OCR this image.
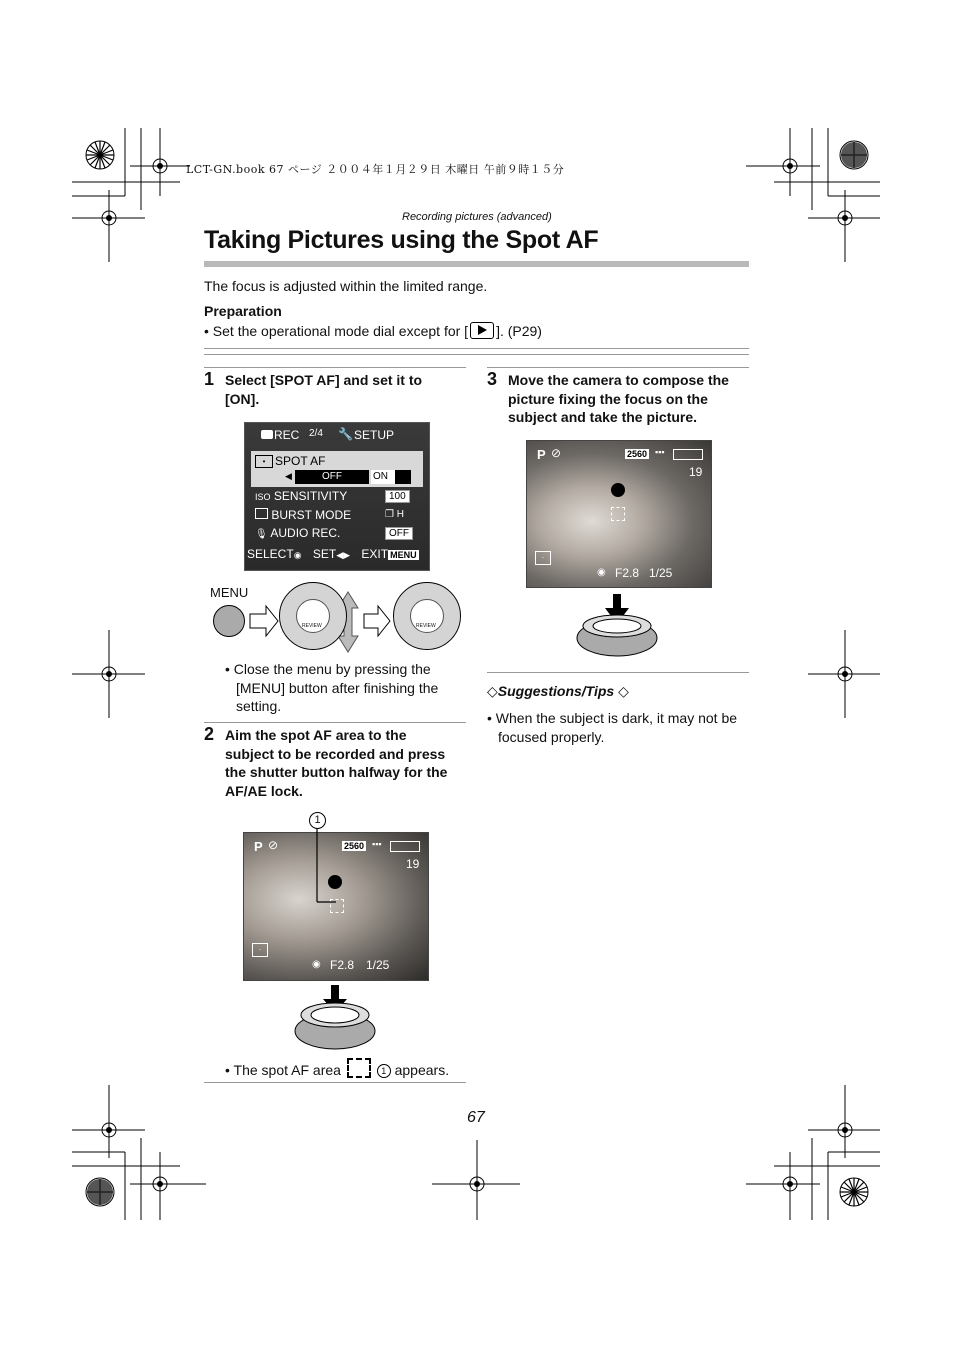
LCT-GN.book 67 ページ ２００４年１月２９日 木曜日 午前９時１５分
Recording pictures (advanced)
Taking Pictures using the Spot AF
The focus is adjusted within the limited range.
Preparation
• Set the operational mode dial except for [ ]. (P29)
1 Select [SPOT AF] and set it to
[ON].
REC 2/4 🔧 SETUP
• SPOT AF
◀	OFF	ON
ISO SENSITIVITY	100
BURST MODE	❐ H
🎙 AUDIO REC.	OFF
SELECT◉ SET◀▶ EXIT MENU
MENU
REVIEW	REVIEW
• Close the menu by pressing the
[MENU] button after finishing the
setting.
2 Aim the spot AF area to the
subject to be recorded and press
the shutter button halfway for the
AF/AE lock.
1
P ⊘	2560 ▪▪▪
19
·
◉ F2.8 1/25
• The spot AF area	1 appears.
3 Move the camera to compose the
picture fixing the focus on the
subject and take the picture.
P ⊘	2560 ▪▪▪
19
·
◉ F2.8 1/25
◇Suggestions/Tips ◇
• When the subject is dark, it may not be
focused properly.
67
